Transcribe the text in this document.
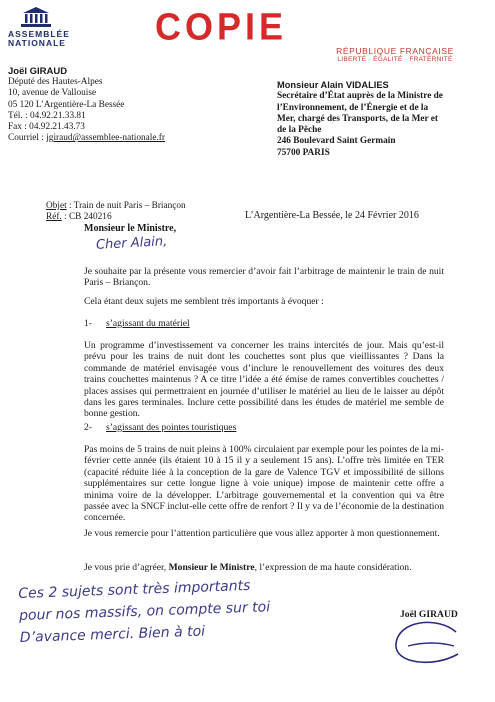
ASSEMBLÉE
NATIONALE COPIE
RÉPUBLIQUE FRANÇAISE
LIBERTÉ · ÉGALITÉ · FRATERNITÉ
Joël GIRAUD
Député des Hautes-Alpes
10, avenue de Vallouise
05 120 L’Argentière-La Bessée
Tél. : 04.92.21.33.81
Fax : 04.92.21.43.73
Courriel : jgiraud@assemblee-nationale.fr
Monsieur Alain VIDALIES
Secrétaire d’État auprès de la Ministre de
l’Environnement, de l’Énergie et de la
Mer, chargé des Transports, de la Mer et
de la Pêche
246 Boulevard Saint Germain
75700 PARIS
Objet : Train de nuit Paris – Briançon
Réf. : CB 240216	L’Argentière-La Bessée, le 24 Février 2016
Monsieur le Ministre,
Cher Alain,
Je souhaite par la présente vous remercier d’avoir fait l’arbitrage de maintenir le train de nuit Paris – Briançon.
Cela étant deux sujets me semblent très importants à évoquer :
1- s’agissant du matériel
Un programme d’investissement va concerner les trains intercités de jour. Mais qu’est-il prévu pour les trains de nuit dont les couchettes sont plus que vieillissantes ? Dans la commande de matériel envisagée vous d’inclure le renouvellement des voitures des deux trains couchettes maintenus ? A ce titre l’idée a été émise de rames convertibles couchettes / places assises qui permettraient en journée d’utiliser le matériel au lieu de le laisser au dépôt dans les gares terminales. Inclure cette possibilité dans les études de matériel me semble de bonne gestion.
2- s’agissant des pointes touristiques
Pas moins de 5 trains de nuit pleins à 100% circulaient par exemple pour les pointes de la mi-février cette année (ils étaient 10 à 15 il y a seulement 15 ans). L’offre très limitée en TER (capacité réduite liée à la conception de la gare de Valence TGV et impossibilité de sillons supplémentaires sur cette longue ligne à voie unique) impose de maintenir cette offre a minima voire de la développer. L’arbitrage gouvernemental et la convention qui va être passée avec la SNCF inclut-elle cette offre de renfort ? Il y va de l’économie de la destination concernée.
Je vous remercie pour l’attention particulière que vous allez apporter à mon questionnement.
Je vous prie d’agréer, Monsieur le Ministre, l’expression de ma haute considération.
Ces 2 sujets sont très importants
pour nos massifs, on compte sur toi
D’avance merci. Bien à toi
Joël GIRAUD
